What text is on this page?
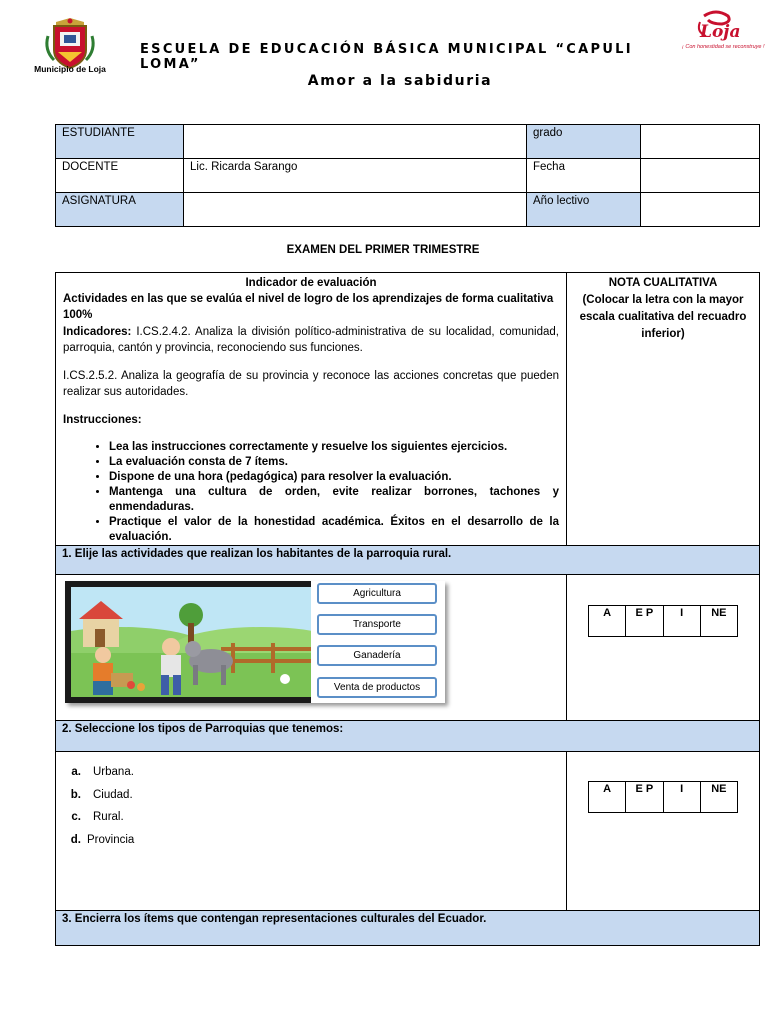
Municipio de Loja
Loja
¡ Con honestidad se reconstruye !
ESCUELA DE EDUCACIÓN BÁSICA MUNICIPAL “CAPULI LOMA”
Amor a la sabiduria
ESTUDIANTE		grado	
DOCENTE	Lic. Ricarda Sarango	Fecha	
ASIGNATURA		Año lectivo	
EXAMEN DEL PRIMER TRIMESTRE
Indicador de evaluación
Actividades en las que se evalúa el nivel de logro de los aprendizajes de forma cualitativa 100%

Indicadores: I.CS.2.4.2. Analiza la división político-administrativa de su localidad, comunidad, parroquia, cantón y provincia, reconociendo sus funciones.

I.CS.2.5.2. Analiza la geografía de su provincia y reconoce las acciones concretas que pueden realizar sus autoridades.

Instrucciones:

• Lea las instrucciones correctamente y resuelve los siguientes ejercicios.
• La evaluación consta de 7 ítems.
• Dispone de una hora (pedagógica) para resolver la evaluación.
• Mantenga una cultura de orden, evite realizar borrones, tachones y enmendaduras.
• Practique el valor de la honestidad académica. Éxitos en el desarrollo de la evaluación.

NOTA CUALITATIVA
(Colocar la letra con la mayor escala cualitativa del recuadro inferior)

1. Elije las actividades que realizan los habitantes de la parroquia rural.

Agricultura
Transporte
Ganadería
Venta de productos

A	E P	I	NE

2. Seleccione los tipos de Parroquias que tenemos:

a. Urbana.
b. Ciudad.
c. Rural.
d. Provincia

A	E P	I	NE

3. Encierra los ítems que contengan representaciones culturales del Ecuador.
